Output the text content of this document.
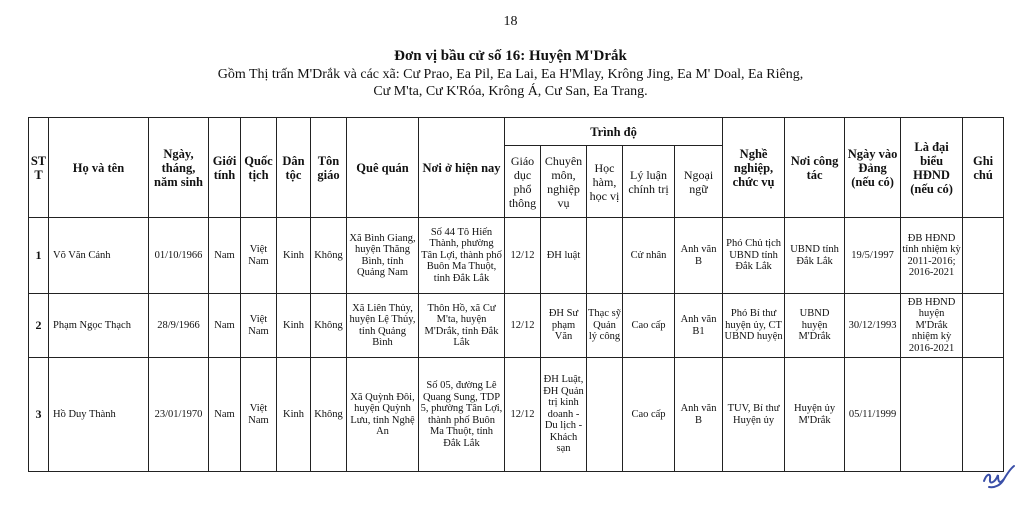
18
Đơn vị bầu cử số 16: Huyện M'Drắk
Gồm Thị trấn M'Drắk và các xã: Cư Prao, Ea Pil, Ea Lai, Ea H'Mlay, Krông Jing, Ea M' Doal, Ea Riêng,
Cư M'ta, Cư K'Róa, Krông Á, Cư San, Ea Trang.
STT	Họ và tên	Ngày, tháng, năm sinh	Giới tính	Quốc tịch	Dân tộc	Tôn giáo	Quê quán	Nơi ở hiện nay	Trình độ					Nghề nghiệp, chức vụ	Nơi công tác	Ngày vào Đảng (nếu có)	Là đại biểu HĐND (nếu có)	Ghi chú
									Giáo dục phổ thông	Chuyên môn, nghiệp vụ	Học hàm, học vị	Lý luận chính trị	Ngoại ngữ					
1	Võ Văn Cảnh	01/10/1966	Nam	Việt Nam	Kinh	Không	Xã Bình Giang, huyện Thăng Bình, tỉnh Quảng Nam	Số 44 Tô Hiến Thành, phường Tân Lợi, thành phố Buôn Ma Thuột, tỉnh Đắk Lắk	12/12	ĐH luật		Cử nhân	Anh văn B	Phó Chủ tịch UBND tỉnh Đắk Lắk	UBND tỉnh Đắk Lắk	19/5/1997	ĐB HĐND tỉnh nhiệm kỳ 2011-2016; 2016-2021	
2	Phạm Ngọc Thạch	28/9/1966	Nam	Việt Nam	Kinh	Không	Xã Liên Thủy, huyện Lệ Thủy, tỉnh Quảng Bình	Thôn Hồ, xã Cư M'ta, huyện M'Drắk, tỉnh Đắk Lắk	12/12	ĐH Sư phạm Văn	Thạc sỹ Quản lý công	Cao cấp	Anh văn B1	Phó Bí thư huyện ủy, CT UBND huyện	UBND huyện M'Drắk	30/12/1993	ĐB HĐND huyện M'Drắk nhiệm kỳ 2016-2021	
3	Hồ Duy Thành	23/01/1970	Nam	Việt Nam	Kinh	Không	Xã Quỳnh Đôi, huyện Quỳnh Lưu, tỉnh Nghệ An	Số 05, đường Lê Quang Sung, TDP 5, phường Tân Lợi, thành phố Buôn Ma Thuột, tỉnh Đắk Lắk	12/12	ĐH Luật, ĐH Quản trị kinh doanh - Du lịch - Khách sạn		Cao cấp	Anh văn B	TUV, Bí thư Huyện ủy	Huyện ủy M'Drắk	05/11/1999		
